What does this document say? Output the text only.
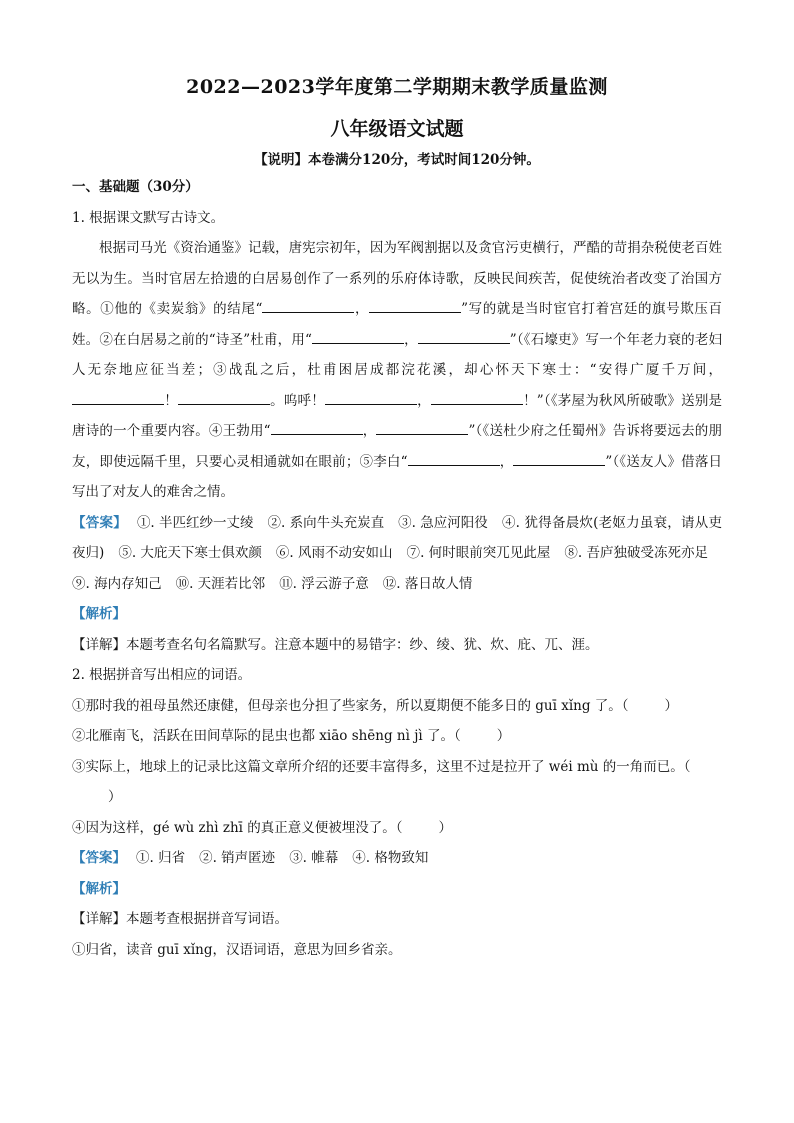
2022—2023学年度第二学期期末教学质量监测
八年级语文试题
【说明】本卷满分120分，考试时间120分钟。

一、基础题（30分）

1. 根据课文默写古诗文。

根据司马光《资治通鉴》记载，唐宪宗初年，因为军阀割据以及贪官污吏横行，严酷的苛捐杂税使老百姓无以为生。当时官居左拾遗的白居易创作了一系列的乐府体诗歌，反映民间疾苦，促使统治者改变了治国方略。①他的《卖炭翁》的结尾“	，	”写的就是当时宦官打着宫廷的旗号欺压百姓。②在白居易之前的“诗圣”杜甫，用“	，	”（《石壕吏》写一个年老力衰的老妇人无奈地应征当差；③战乱之后，杜甫困居成都浣花溪，却心怀天下寒士：“安得广厦千万间，！	。呜呼！	，	！”（《茅屋为秋风所破歌》送别是唐诗的一个重要内容。④王勃用“	，	”（《送杜少府之任蜀州》告诉将要远去的朋友，即使远隔千里，只要心灵相通就如在眼前；⑤李白“	，	”（《送友人》借落日写出了对友人的难舍之情。

【答案】 ①. 半匹红纱一丈绫 ②. 系向牛头充炭直 ③. 急应河阳役 ④. 犹得备晨炊(老妪力虽衰，请从吏夜归) ⑤. 大庇天下寒士俱欢颜 ⑥. 风雨不动安如山 ⑦. 何时眼前突兀见此屋 ⑧. 吾庐独破受冻死亦足⑨. 海内存知己 ⑩. 天涯若比邻 ⑪. 浮云游子意 ⑫. 落日故人情

【解析】

【详解】本题考查名句名篇默写。注意本题中的易错字：纱、绫、犹、炊、庇、兀、涯。

2. 根据拼音写出相应的词语。

①那时我的祖母虽然还康健，但母亲也分担了些家务，所以夏期便不能多日的 guī xǐng 了。（	）

②北雁南飞，活跃在田间草际的昆虫也都 xiāo shēng nì jì 了。（	）

③实际上，地球上的记录比这篇文章所介绍的还要丰富得多，这里不过是拉开了 wéi mù 的一角而已。（）

④因为这样，gé wù zhì zhī 的真正意义便被埋没了。（	）

【答案】 ①. 归省 ②. 销声匿迹 ③. 帷幕 ④. 格物致知

【解析】

【详解】本题考查根据拼音写词语。

①归省，读音 guī xǐng，汉语词语，意思为回乡省亲。
